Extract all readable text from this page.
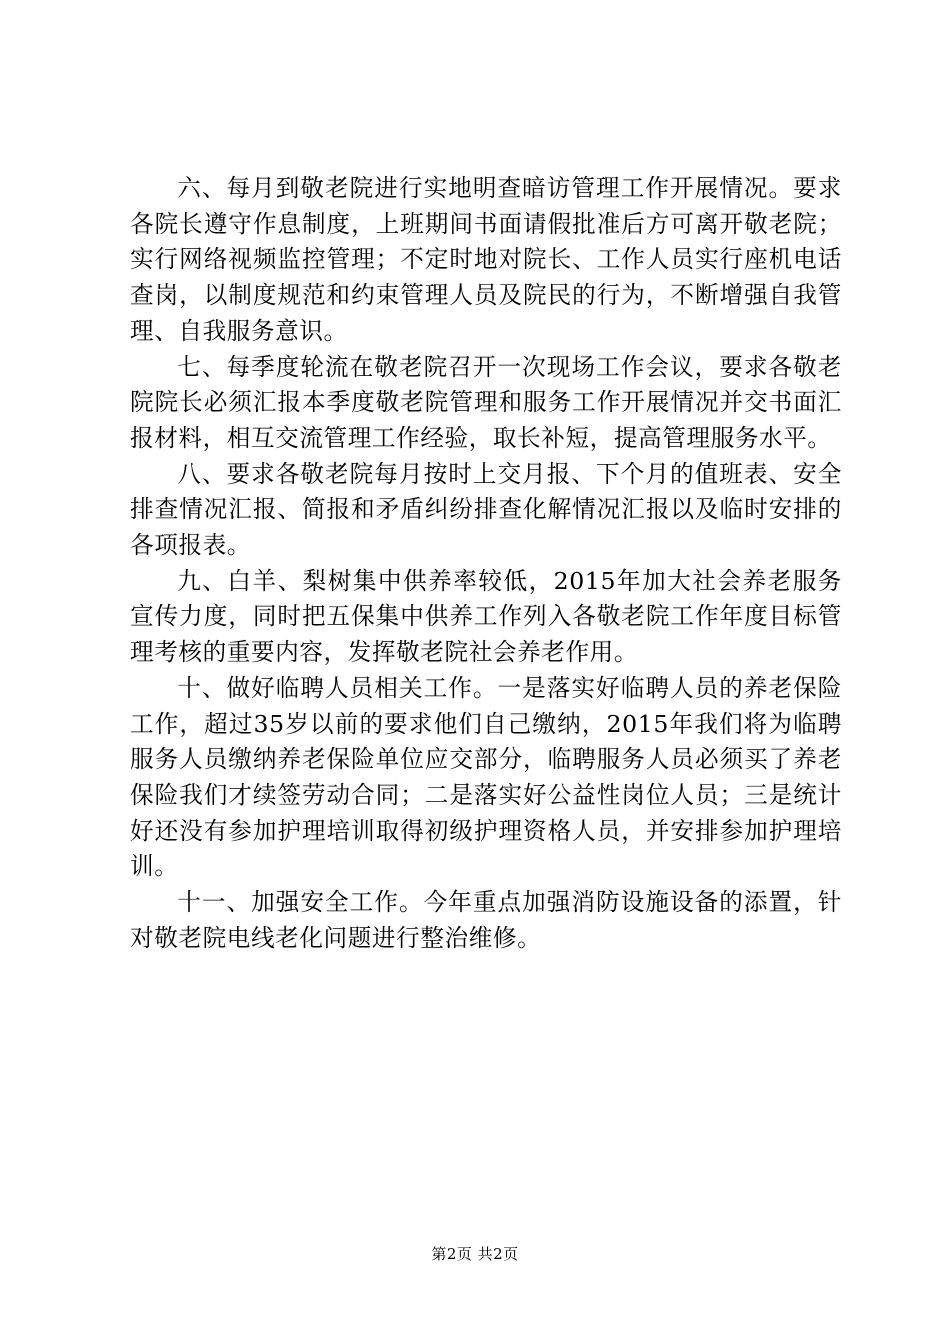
六、每月到敬老院进行实地明查暗访管理工作开展情况。要求各院长遵守作息制度，上班期间书面请假批准后方可离开敬老院；实行网络视频监控管理；不定时地对院长、工作人员实行座机电话查岗，以制度规范和约束管理人员及院民的行为，不断增强自我管理、自我服务意识。

七、每季度轮流在敬老院召开一次现场工作会议，要求各敬老院院长必须汇报本季度敬老院管理和服务工作开展情况并交书面汇报材料，相互交流管理工作经验，取长补短，提高管理服务水平。

八、要求各敬老院每月按时上交月报、下个月的值班表、安全排查情况汇报、简报和矛盾纠纷排查化解情况汇报以及临时安排的各项报表。

九、白羊、梨树集中供养率较低，2015年加大社会养老服务宣传力度，同时把五保集中供养工作列入各敬老院工作年度目标管理考核的重要内容，发挥敬老院社会养老作用。

十、做好临聘人员相关工作。一是落实好临聘人员的养老保险工作，超过35岁以前的要求他们自己缴纳，2015年我们将为临聘服务人员缴纳养老保险单位应交部分，临聘服务人员必须买了养老保险我们才续签劳动合同；二是落实好公益性岗位人员；三是统计好还没有参加护理培训取得初级护理资格人员，并安排参加护理培训。

十一、加强安全工作。今年重点加强消防设施设备的添置，针对敬老院电线老化问题进行整治维修。

第2页 共2页
